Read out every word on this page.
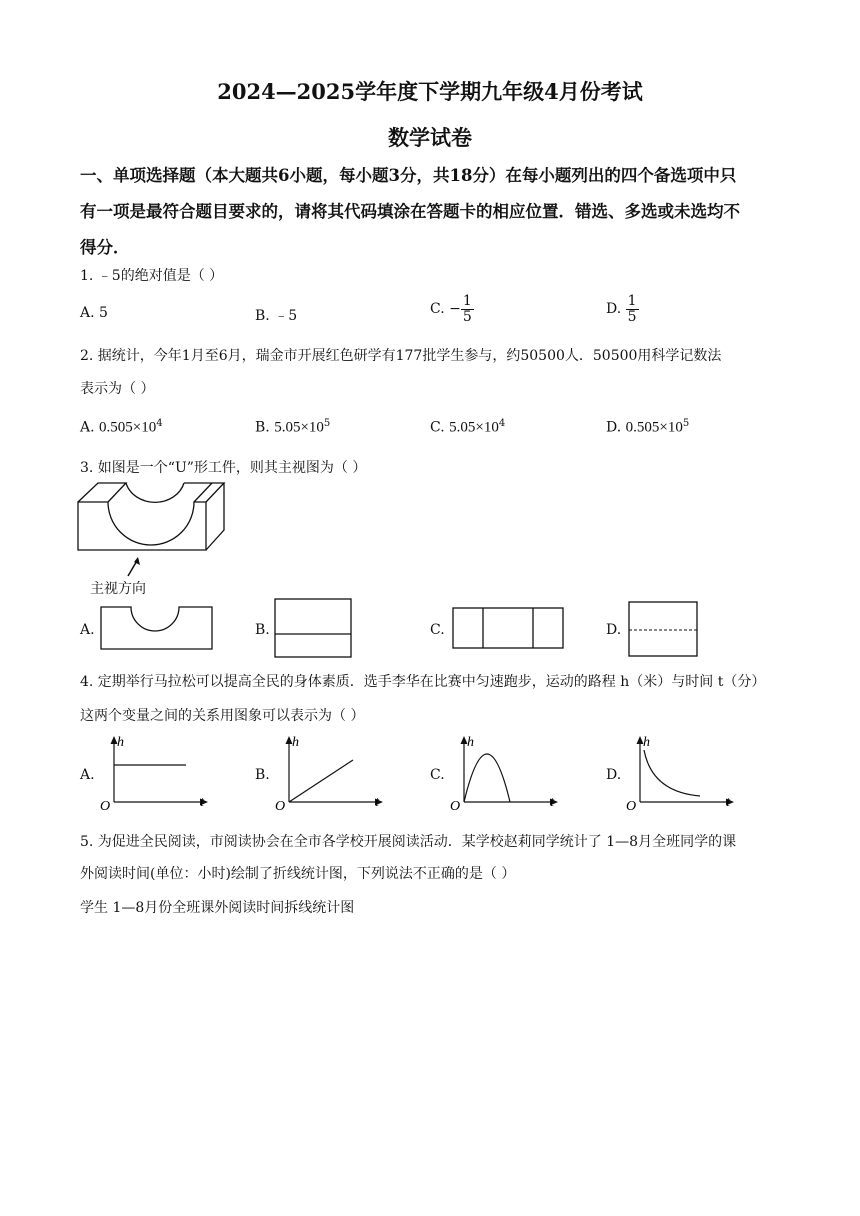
2024—2025学年度下学期九年级4月份考试
数学试卷
一、单项选择题（本大题共6小题，每小题3分，共18分）在每小题列出的四个备选项中只
有一项是最符合题目要求的，请将其代码填涂在答题卡的相应位置．错选、多选或未选均不
得分．
1. ﹣5的绝对值是（ ）
A. 5	B. ﹣5	C. − $\frac{1}{5}$	D. $\frac{1}{5}$
2. 据统计，今年1月至6月，瑞金市开展红色研学有177批学生参与，约50500人．50500用科学记数法
表示为（ ）
A. $0.505\times 10^4$	B. $5.05\times 10^5$	C. $5.05\times 10^4$	D. $0.505\times 10^5$
3. 如图是一个“U”形工件，则其主视图为（ ）
主视方向
A.	B.	C.	D.
4. 定期举行马拉松可以提高全民的身体素质．选手李华在比赛中匀速跑步，运动的路程 h（米）与时间 t（分）
这两个变量之间的关系用图象可以表示为（ ）
A.	B.	C.	D.
h
t
O
h
t
O
h
t
O
h
t
O
5. 为促进全民阅读，市阅读协会在全市各学校开展阅读活动．某学校赵莉同学统计了 1—8月全班同学的课
外阅读时间(单位：小时)绘制了折线统计图，下列说法不正确的是（ ）
学生 1—8月份全班课外阅读时间拆线统计图
